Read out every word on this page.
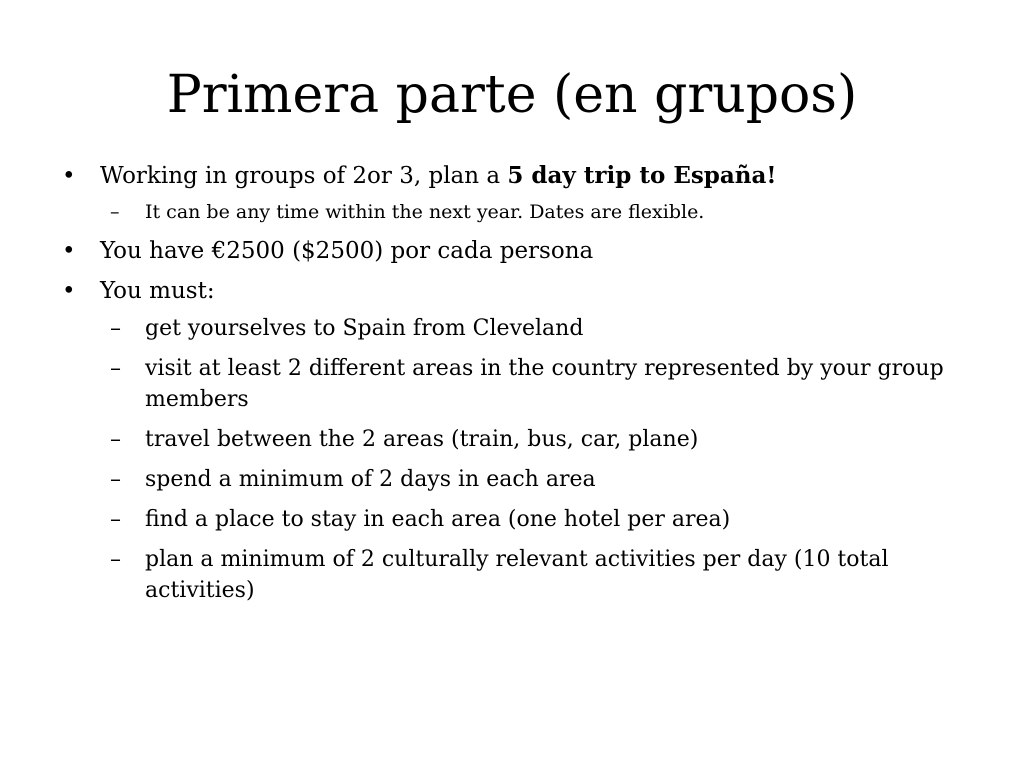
Primera parte (en grupos)
• Working in groups of 2or 3, plan a 5 day trip to España!
– It can be any time within the next year. Dates are flexible.
• You have €2500 ($2500) por cada persona
• You must:
– get yourselves to Spain from Cleveland
– visit at least 2 different areas in the country represented by your group members
– travel between the 2 areas (train, bus, car, plane)
– spend a minimum of 2 days in each area
– find a place to stay in each area (one hotel per area)
– plan a minimum of 2 culturally relevant activities per day (10 total activities)
